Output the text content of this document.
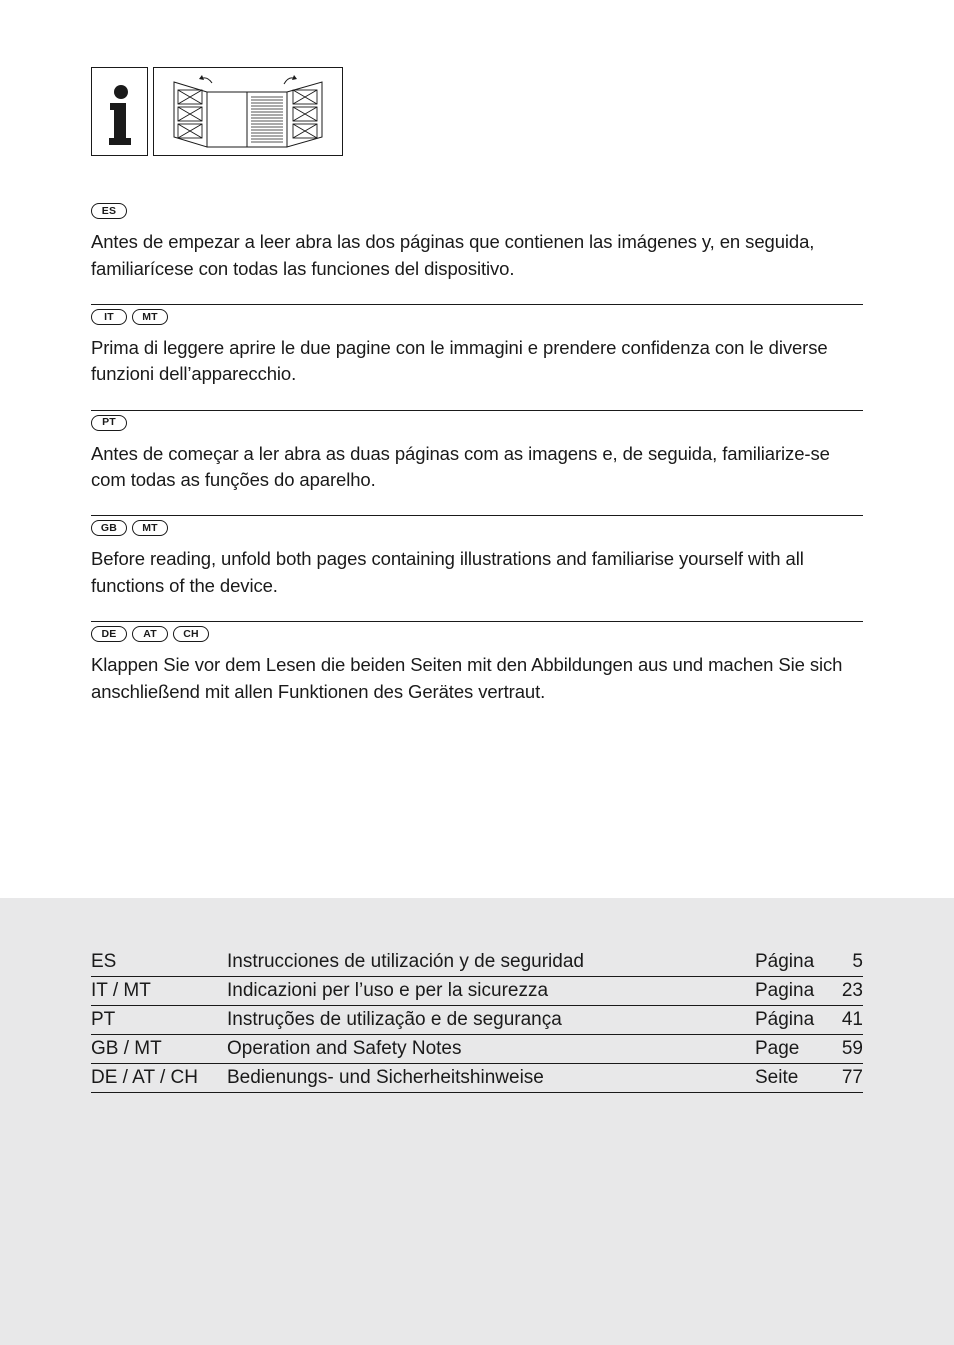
ES

Antes de empezar a leer abra las dos páginas que contienen las imágenes y, en seguida, familiarícese con todas las funciones del dispositivo.

IT	MT

Prima di leggere aprire le due pagine con le immagini e prendere confidenza con le diverse funzioni dell’apparecchio.

PT

Antes de começar a ler abra as duas páginas com as imagens e, de seguida, familiarize-se com todas as funções do aparelho.

GB	MT

Before reading, unfold both pages containing illustrations and familiarise yourself with all functions of the device.

DE	AT	CH

Klappen Sie vor dem Lesen die beiden Seiten mit den Abbildungen aus und machen Sie sich anschließend mit allen Funktionen des Gerätes vertraut.

ES	Instrucciones de utilización y de seguridad	Página	5
IT / MT	Indicazioni per l’uso e per la sicurezza	Pagina	23
PT	Instruções de utilização e de segurança	Página	41
GB / MT	Operation and Safety Notes	Page	59
DE / AT / CH	Bedienungs- und Sicherheitshinweise	Seite	77
